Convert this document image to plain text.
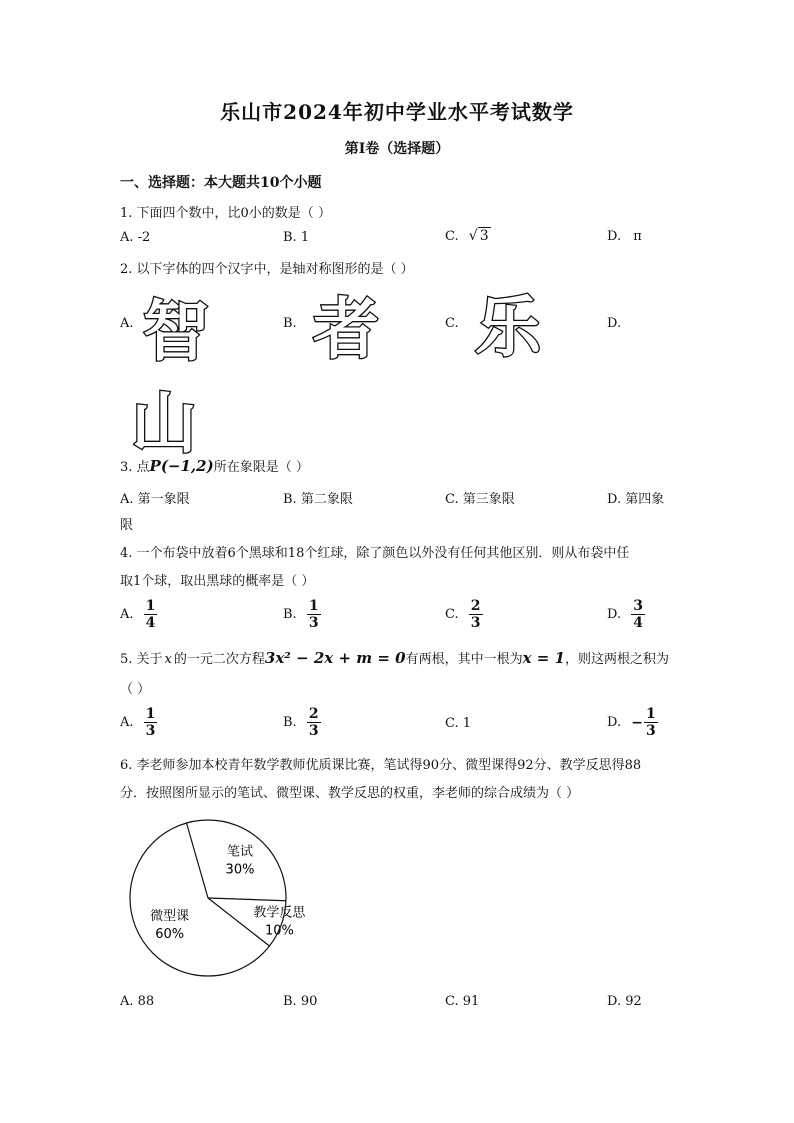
乐山市2024年初中学业水平考试数学
第Ⅰ卷（选择题）
一、选择题：本大题共10个小题
1. 下面四个数中，比0小的数是（ ）
A. -2	B. 1	C. √ 3	D. π
2. 以下字体的四个汉字中，是轴对称图形的是（ ）
A.	B.	C.	D.
智 者 乐
山
3. 点P(−1,2)所在象限是（ ）
A. 第一象限	B. 第二象限	C. 第三象限	D. 第四象
限
4. 一个布袋中放着6个黑球和18个红球，除了颜色以外没有任何其他区别．则从布袋中任
取1个球，取出黑球的概率是（ ）
A. $\frac{1}{4}$	B. $\frac{1}{3}$	C. $\frac{2}{3}$	D. $\frac{3}{4}$
5. 关于 x 的一元二次方程3x² − 2x + m = 0有两根，其中一根为x = 1，则这两根之积为
（ ）
A. $\frac{1}{3}$	B. $\frac{2}{3}$	C. 1	D. − $\frac{1}{3}$
6. 李老师参加本校青年数学教师优质课比赛，笔试得90分、微型课得92分、教学反思得88
分．按照图所显示的笔试、微型课、教学反思的权重，李老师的综合成绩为（ ）
笔试
30%
教学反思
10%
微型课
60%
A. 88	B. 90	C. 91	D. 92
